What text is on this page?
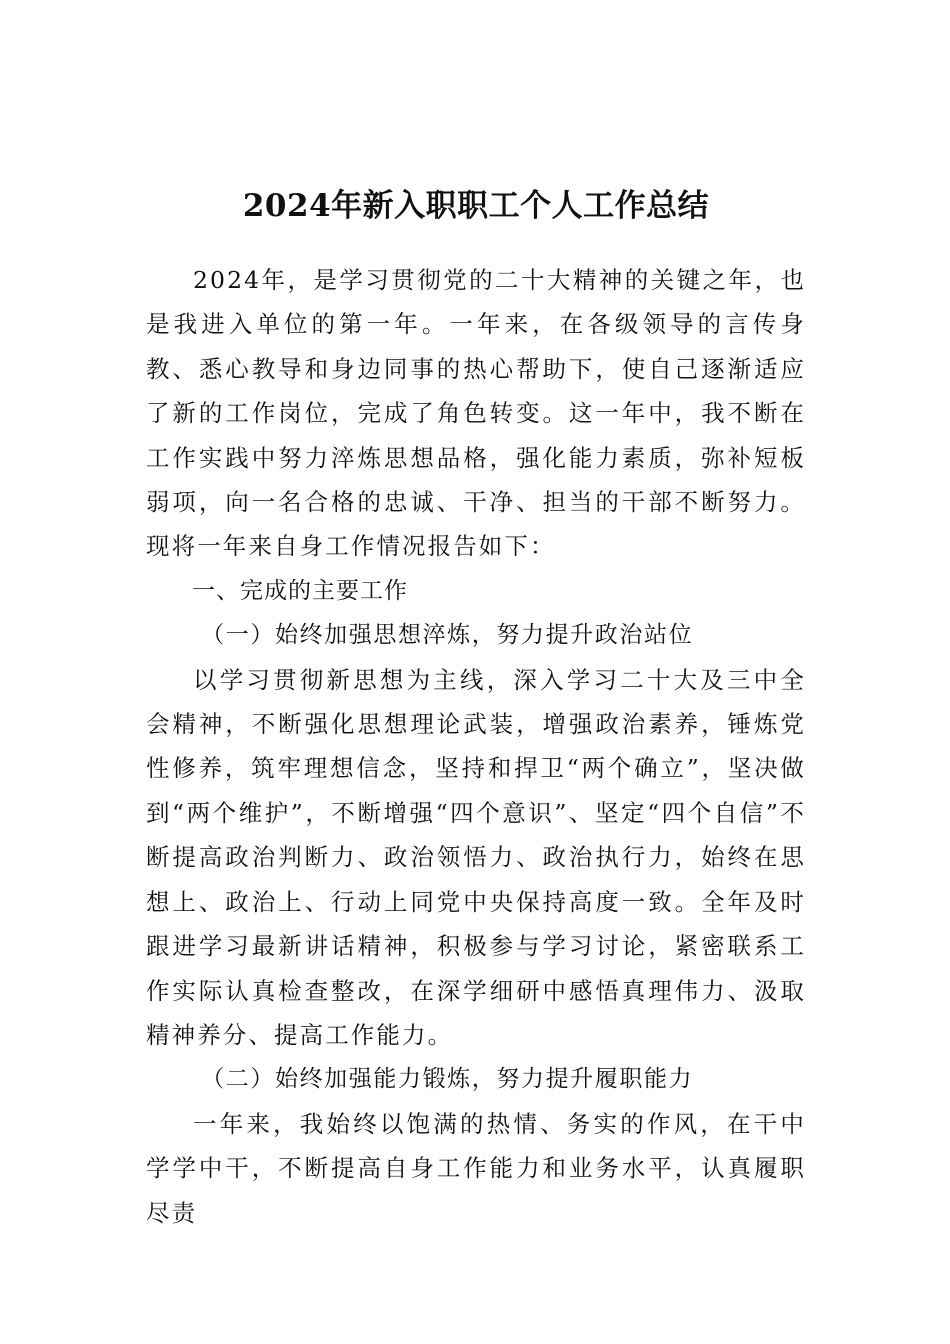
2024年新入职职工个人工作总结

2024年，是学习贯彻党的二十大精神的关键之年，也是我进入单位的第一年。一年来，在各级领导的言传身教、悉心教导和身边同事的热心帮助下，使自己逐渐适应了新的工作岗位，完成了角色转变。这一年中，我不断在工作实践中努力淬炼思想品格，强化能力素质，弥补短板弱项，向一名合格的忠诚、干净、担当的干部不断努力。现将一年来自身工作情况报告如下：

一、完成的主要工作

（一）始终加强思想淬炼，努力提升政治站位

以学习贯彻新思想为主线，深入学习二十大及三中全会精神，不断强化思想理论武装，增强政治素养，锤炼党性修养，筑牢理想信念，坚持和捍卫“两个确立”，坚决做到“两个维护”，不断增强“四个意识”、坚定“四个自信”不断提高政治判断力、政治领悟力、政治执行力，始终在思想上、政治上、行动上同党中央保持高度一致。全年及时跟进学习最新讲话精神，积极参与学习讨论，紧密联系工作实际认真检查整改，在深学细研中感悟真理伟力、汲取精神养分、提高工作能力。

（二）始终加强能力锻炼，努力提升履职能力

一年来，我始终以饱满的热情、务实的作风，在干中学学中干，不断提高自身工作能力和业务水平，认真履职尽责
